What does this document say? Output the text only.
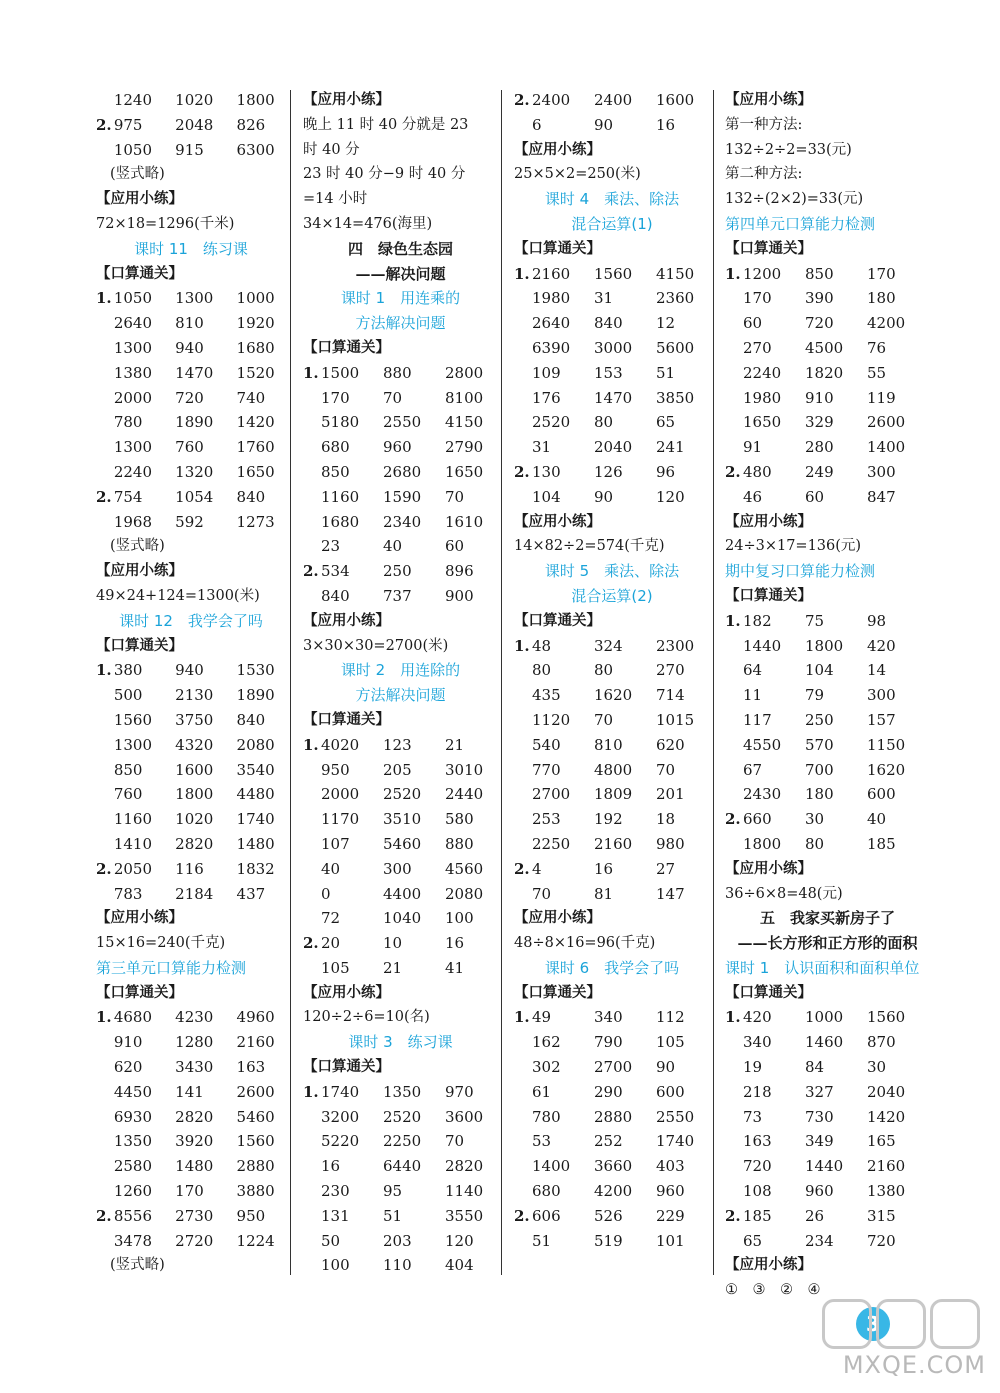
1240	1020	1800
2. 975	2048	826
1050	915	6300
(竖式略)
【应用小练】
72×18=1296(千米)
课时 11　练习课
【口算通关】
1. 1050	1300	1000
2640	810	1920
1300	940	1680
1380	1470	1520
2000	720	740
780	1890	1420
1300	760	1760
2240	1320	1650
2. 754	1054	840
1968	592	1273
(竖式略)
【应用小练】
49×24+124=1300(米)
课时 12　我学会了吗
【口算通关】
1. 380	940	1530
500	2130	1890
1560	3750	840
1300	4320	2080
850	1600	3540
760	1800	4480
1160	1020	1740
1410	2820	1480
2. 2050	116	1832
783	2184	437
【应用小练】
15×16=240(千克)
第三单元口算能力检测
【口算通关】
1. 4680	4230	4960
910	1280	2160
620	3430	163
4450	141	2600
6930	2820	5460
1350	3920	1560
2580	1480	2880
1260	170	3880
2. 8556	2730	950
3478	2720	1224
(竖式略)
【应用小练】
晚上 11 时 40 分就是 23
时 40 分
23 时 40 分−9 时 40 分
=14 小时
34×14=476(海里)
四　绿色生态园
——解决问题
课时 1　用连乘的
方法解决问题
【口算通关】
1. 1500	880	2800
170	70	8100
5180	2550	4150
680	960	2790
850	2680	1650
1160	1590	70
1680	2340	1610
23	40	60
2. 534	250	896
840	737	900
【应用小练】
3×30×30=2700(米)
课时 2　用连除的
方法解决问题
【口算通关】
1. 4020	123	21
950	205	3010
2000	2520	2440
1170	3510	580
107	5460	880
40	300	4560
0	4400	2080
72	1040	100
2. 20	10	16
105	21	41
【应用小练】
120÷2÷6=10(名)
课时 3　练习课
【口算通关】
1. 1740	1350	970
3200	2520	3600
5220	2250	70
16	6440	2820
230	95	1140
131	51	3550
50	203	120
100	110	404
2. 2400	2400	1600
6	90	16
【应用小练】
25×5×2=250(米)
课时 4　乘法、除法
混合运算(1)
【口算通关】
1. 2160	1560	4150
1980	31	2360
2640	840	12
6390	3000	5600
109	153	51
176	1470	3850
2520	80	65
31	2040	241
2. 130	126	96
104	90	120
【应用小练】
14×82÷2=574(千克)
课时 5　乘法、除法
混合运算(2)
【口算通关】
1. 48	324	2300
80	80	270
435	1620	714
1120	70	1015
540	810	620
770	4800	70
2700	1809	201
253	192	18
2250	2160	980
2. 4	16	27
70	81	147
【应用小练】
48÷8×16=96(千克)
课时 6　我学会了吗
【口算通关】
1. 49	340	112
162	790	105
302	2700	90
61	290	600
780	2880	2550
53	252	1740
1400	3660	403
680	4200	960
2. 606	526	229
51	519	101
【应用小练】
第一种方法:
132÷2÷2=33(元)
第二种方法:
132÷(2×2)=33(元)
第四单元口算能力检测
【口算通关】
1. 1200	850	170
170	390	180
60	720	4200
270	4500	76
2240	1820	55
1980	910	119
1650	329	2600
91	280	1400
2. 480	249	300
46	60	847
【应用小练】
24÷3×17=136(元)
期中复习口算能力检测
【口算通关】
1. 182	75	98
1440	1800	420
64	104	14
11	79	300
117	250	157
4550	570	1150
67	700	1620
2430	180	600
2. 660	30	40
1800	80	185
【应用小练】
36÷6×8=48(元)
五　我家买新房子了
——长方形和正方形的面积
课时 1　认识面积和面积单位
【口算通关】
1. 420	1000	1560
340	1460	870
19	84	30
218	327	2040
73	730	1420
163	349	165
720	1440	2160
108	960	1380
2. 185	26	315
65	234	720
【应用小练】
①　③　②　④
3
MXQE.COM
